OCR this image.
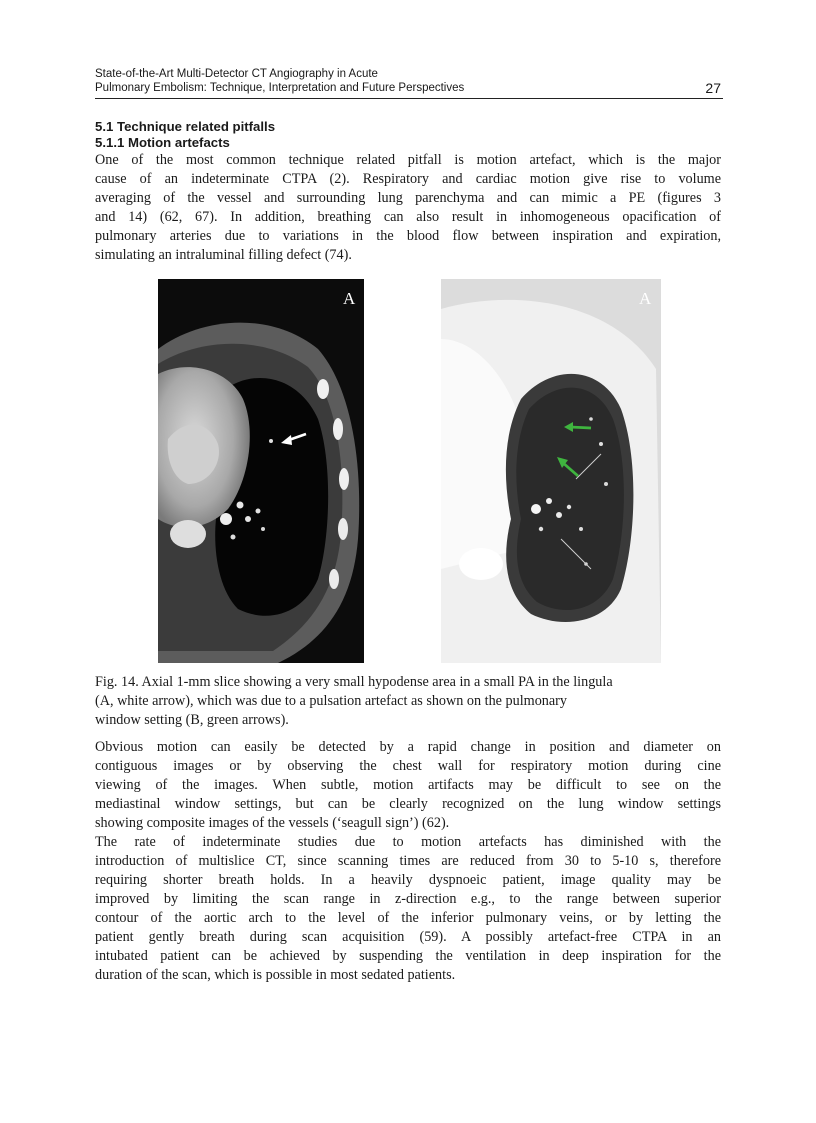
State-of-the-Art Multi-Detector CT Angiography in Acute
Pulmonary Embolism: Technique, Interpretation and Future Perspectives	27
5.1 Technique related pitfalls
5.1.1 Motion artefacts
One of the most common technique related pitfall is motion artefact, which is the major
cause of an indeterminate CTPA (2). Respiratory and cardiac motion give rise to volume
averaging of the vessel and surrounding lung parenchyma and can mimic a PE (figures 3
and 14) (62, 67). In addition, breathing can also result in inhomogeneous opacification of
pulmonary arteries due to variations in the blood flow between inspiration and expiration,
simulating an intraluminal filling defect (74).
A	A
Fig. 14. Axial 1-mm slice showing a very small hypodense area in a small PA in the lingula
(A, white arrow), which was due to a pulsation artefact as shown on the pulmonary
window setting (B, green arrows).
Obvious motion can easily be detected by a rapid change in position and diameter on
contiguous images or by observing the chest wall for respiratory motion during cine
viewing of the images. When subtle, motion artifacts may be difficult to see on the
mediastinal window settings, but can be clearly recognized on the lung window settings
showing composite images of the vessels (‘seagull sign’) (62).
The rate of indeterminate studies due to motion artefacts has diminished with the
introduction of multislice CT, since scanning times are reduced from 30 to 5-10 s, therefore
requiring shorter breath holds. In a heavily dyspnoeic patient, image quality may be
improved by limiting the scan range in z-direction e.g., to the range between superior
contour of the aortic arch to the level of the inferior pulmonary veins, or by letting the
patient gently breath during scan acquisition (59). A possibly artefact-free CTPA in an
intubated patient can be achieved by suspending the ventilation in deep inspiration for the
duration of the scan, which is possible in most sedated patients.
